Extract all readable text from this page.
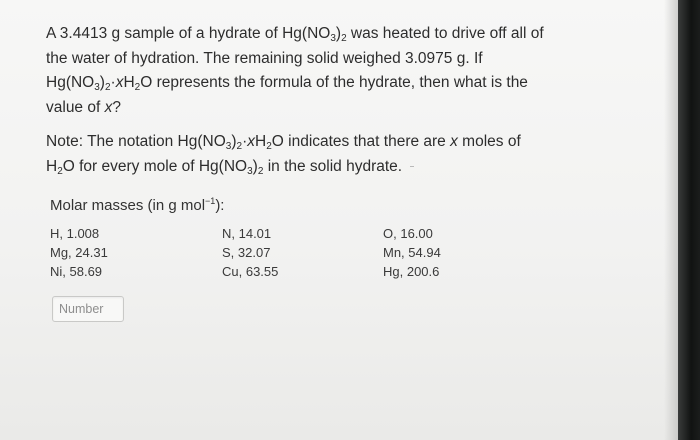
A 3.4413 g sample of a hydrate of $Hg(NO_3)_2$ was heated to drive off all of
the water of hydration. The remaining solid weighed 3.0975 g. If
$Hg(NO_3)_2\cdot xH_2O$ represents the formula of the hydrate, then what is the
value of x?

Note: The notation $Hg(NO_3)_2\cdot xH_2O$ indicates that there are x moles of
$H_2O$ for every mole of $Hg(NO_3)_2$ in the solid hydrate.

Molar masses (in g mol$^{-1}$):
H, 1.008
Mg, 24.31
Ni, 58.69
N, 14.01
S, 32.07
Cu, 63.55
O, 16.00
Mn, 54.94
Hg, 200.6
Number
